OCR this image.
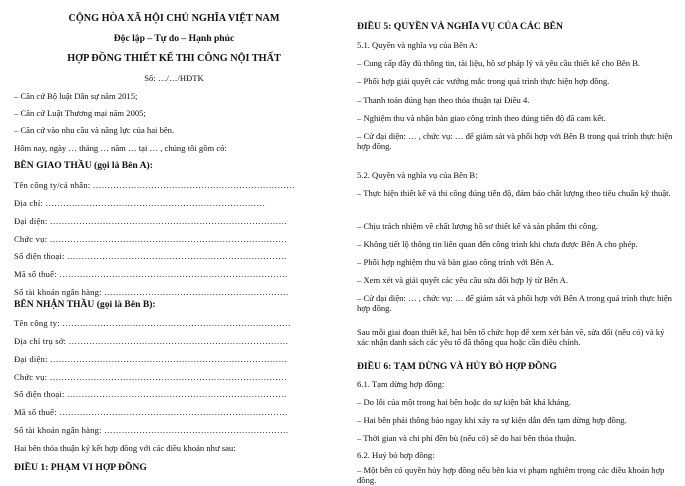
CỘNG HÒA XÃ HỘI CHỦ NGHĨA VIỆT NAM
Độc lập – Tự do – Hạnh phúc
HỢP ĐỒNG THIẾT KẾ THI CÔNG NỘI THẤT
Số: …/…/HĐTK
– Căn cứ Bộ luật Dân sự năm 2015;
– Căn cứ Luật Thương mại năm 2005;
– Căn cứ vào nhu cầu và năng lực của hai bên.
Hôm nay, ngày … tháng … năm … tại … , chúng tôi gồm có:
BÊN GIAO THẦU (gọi là Bên A):
Tên công ty/cá nhân: ……………………………………………………………
Địa chỉ: …………………………………………………………………
Đại diện: ………………………………………………………………………
Chức vụ: ………………………………………………………………………
Số điện thoại: …………………………………………………………………
Mã số thuế: ……………………………………………………………………
Số tài khoản ngân hàng: ………………………………………………………
BÊN NHẬN THẦU (gọi là Bên B):
Tên công ty: ……………………………………………………………………
Địa chỉ trụ sở: …………………………………………………………………
Đại diện: ………………………………………………………………………
Chức vụ: ………………………………………………………………………
Số điện thoại: …………………………………………………………………
Mã số thuế: ……………………………………………………………………
Số tài khoản ngân hàng: ………………………………………………………
Hai bên thỏa thuận ký kết hợp đồng với các điều khoản như sau:
ĐIỀU 1: PHẠM VI HỢP ĐỒNG
ĐIỀU 5: QUYỀN VÀ NGHĨA VỤ CỦA CÁC BÊN
5.1. Quyền và nghĩa vụ của Bên A:
– Cung cấp đầy đủ thông tin, tài liệu, hồ sơ pháp lý và yêu cầu thiết kế cho Bên B.
– Phối hợp giải quyết các vướng mắc trong quá trình thực hiện hợp đồng.
– Thanh toán đúng hạn theo thỏa thuận tại Điều 4.
– Nghiệm thu và nhận bàn giao công trình theo đúng tiến độ đã cam kết.
– Cử đại diện: … , chức vụ: … để giám sát và phối hợp với Bên B trong quá trình thực hiện hợp đồng.
5.2. Quyền và nghĩa vụ của Bên B:
– Thực hiện thiết kế và thi công đúng tiến độ, đảm bảo chất lượng theo tiêu chuẩn kỹ thuật.
– Chịu trách nhiệm về chất lượng hồ sơ thiết kế và sản phẩm thi công.
– Không tiết lộ thông tin liên quan đến công trình khi chưa được Bên A cho phép.
– Phối hợp nghiệm thu và bàn giao công trình với Bên A.
– Xem xét và giải quyết các yêu cầu sửa đổi hợp lý từ Bên A.
– Cử đại diện: … , chức vụ: … để giám sát và phối hợp với Bên A trong quá trình thực hiện hợp đồng.
Sau mỗi giai đoạn thiết kế, hai bên tổ chức họp để xem xét bản vẽ, sửa đổi (nếu có) và ký xác nhận danh sách các yêu tố đã thống qua hoặc cần điều chỉnh.
ĐIỀU 6: TẠM DỪNG VÀ HỦY BỎ HỢP ĐỒNG
6.1. Tạm dừng hợp đồng:
– Do lỗi của một trong hai bên hoặc do sự kiện bất khả kháng.
– Hai bên phải thông báo ngay khi xảy ra sự kiện dẫn đến tạm dừng hợp đồng.
– Thời gian và chi phí đền bù (nếu có) sẽ do hai bên thỏa thuận.
6.2. Huỷ bỏ hợp đồng:
– Một bên có quyền hủy hợp đồng nếu bên kia vi phạm nghiêm trọng các điều khoản hợp đồng.
